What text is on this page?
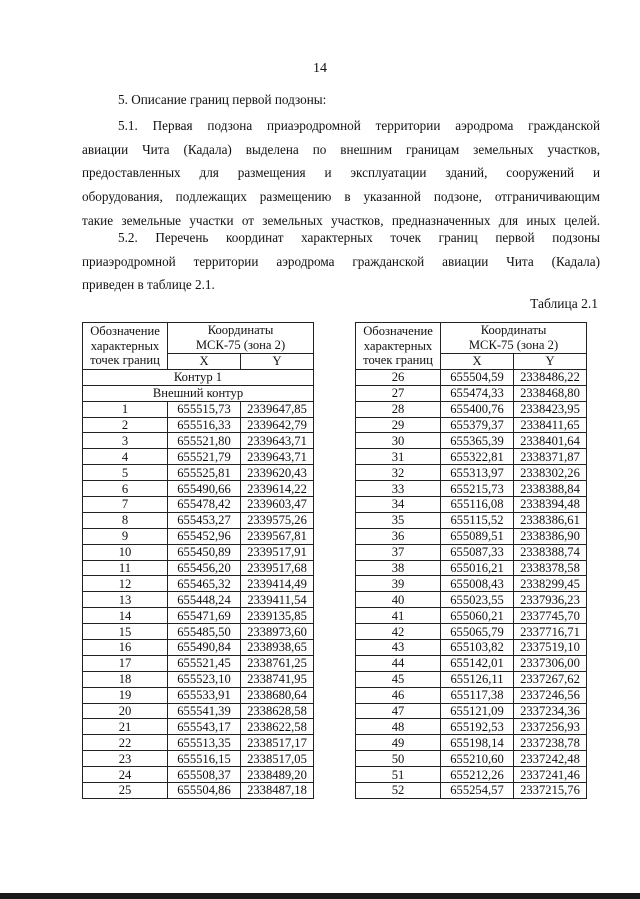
14
5. Описание границ первой подзоны:
5.1. Первая подзона приаэродромной территории аэродрома гражданской
авиации Чита (Кадала) выделена по внешним границам земельных участков,
предоставленных для размещения и эксплуатации зданий, сооружений и
оборудования, подлежащих размещению в указанной подзоне, отграничивающим
такие земельные участки от земельных участков, предназначенных для иных целей.
5.2. Перечень координат характерных точек границ первой подзоны
приаэродромной территории аэродрома гражданской авиации Чита (Кадала)
приведен в таблице 2.1.
Таблица 2.1
Обозначение
характерных
точек границ	Координаты
МСК-75 (зона 2)	
	X	Y
Контур 1		
Внешний контур		
1	655515,73	2339647,85
2	655516,33	2339642,79
3	655521,80	2339643,71
4	655521,79	2339643,71
5	655525,81	2339620,43
6	655490,66	2339614,22
7	655478,42	2339603,47
8	655453,27	2339575,26
9	655452,96	2339567,81
10	655450,89	2339517,91
11	655456,20	2339517,68
12	655465,32	2339414,49
13	655448,24	2339411,54
14	655471,69	2339135,85
15	655485,50	2338973,60
16	655490,84	2338938,65
17	655521,45	2338761,25
18	655523,10	2338741,95
19	655533,91	2338680,64
20	655541,39	2338628,58
21	655543,17	2338622,58
22	655513,35	2338517,17
23	655516,15	2338517,05
24	655508,37	2338489,20
25	655504,86	2338487,18
Обозначение
характерных
точек границ	Координаты
МСК-75 (зона 2)	
	X	Y
26	655504,59	2338486,22
27	655474,33	2338468,80
28	655400,76	2338423,95
29	655379,37	2338411,65
30	655365,39	2338401,64
31	655322,81	2338371,87
32	655313,97	2338302,26
33	655215,73	2338388,84
34	655116,08	2338394,48
35	655115,52	2338386,61
36	655089,51	2338386,90
37	655087,33	2338388,74
38	655016,21	2338378,58
39	655008,43	2338299,45
40	655023,55	2337936,23
41	655060,21	2337745,70
42	655065,79	2337716,71
43	655103,82	2337519,10
44	655142,01	2337306,00
45	655126,11	2337267,62
46	655117,38	2337246,56
47	655121,09	2337234,36
48	655192,53	2337256,93
49	655198,14	2337238,78
50	655210,60	2337242,48
51	655212,26	2337241,46
52	655254,57	2337215,76
